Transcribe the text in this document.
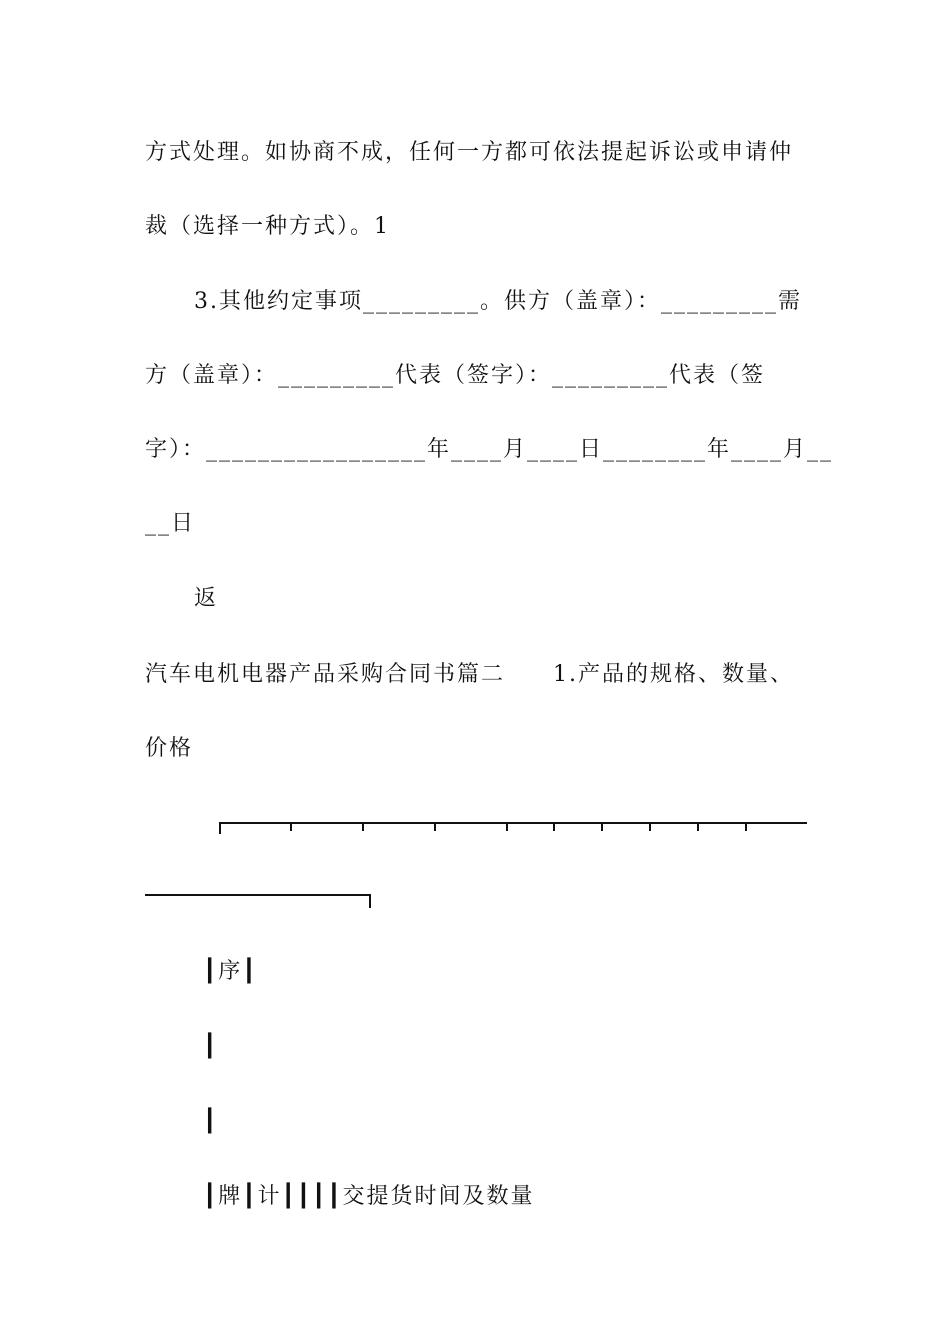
方式处理。如协商不成，任何一方都可依法提起诉讼或申请仲
裁（选择一种方式）。1
3.其他约定事项_________。供方（盖章）：_________需
方（盖章）：_________代表（签字）：_________代表（签
字）：_________________年____月____日________年____月__
__日
返
汽车电机电器产品采购合同书篇二　　1.产品的规格、数量、
价格
┃序┃
┃
┃
┃牌┃计┃┃┃┃交提货时间及数量
